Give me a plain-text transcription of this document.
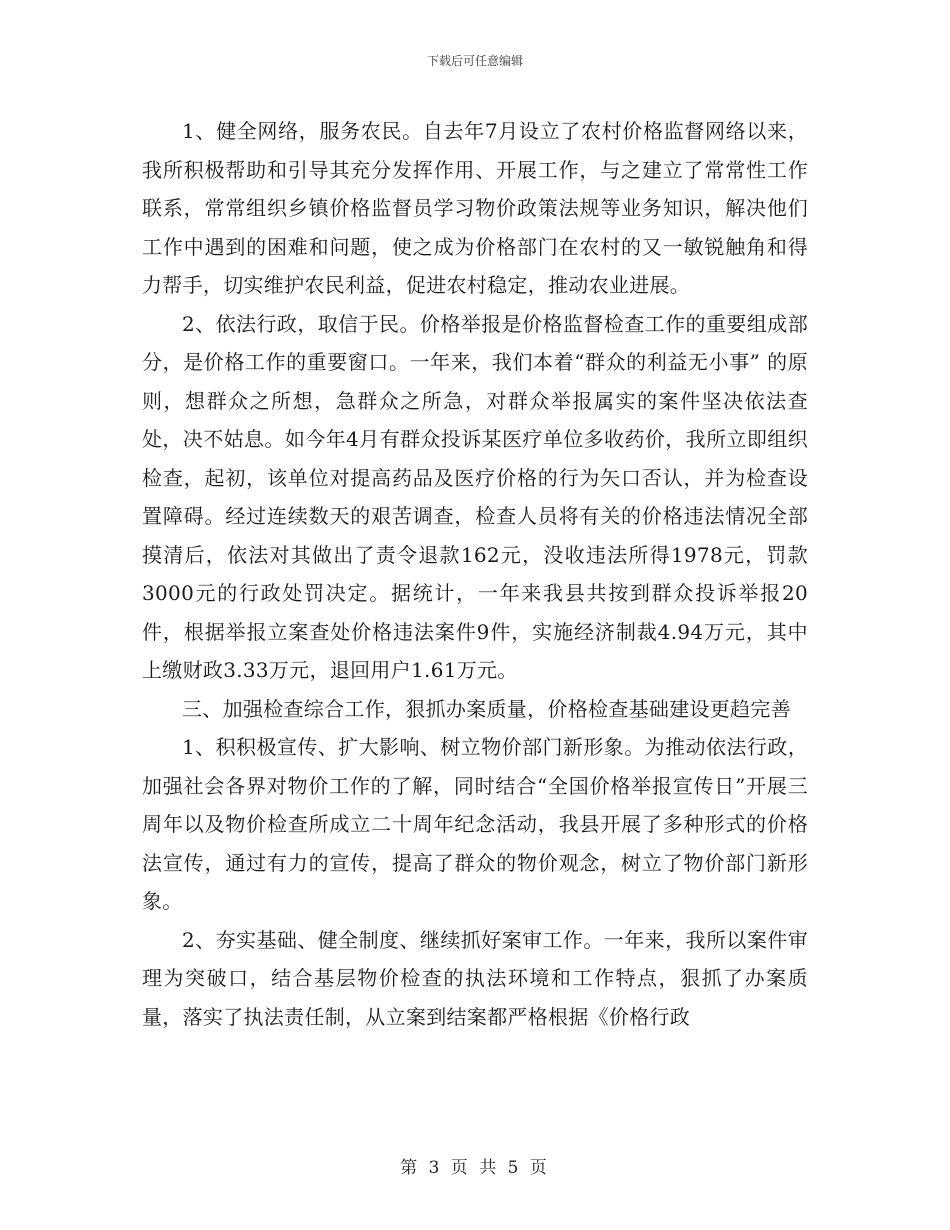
下载后可任意编辑

1、健全网络，服务农民。自去年7月设立了农村价格监督网络以来，我所积极帮助和引导其充分发挥作用、开展工作，与之建立了常常性工作联系，常常组织乡镇价格监督员学习物价政策法规等业务知识，解决他们工作中遇到的困难和问题，使之成为价格部门在农村的又一敏锐触角和得力帮手，切实维护农民利益，促进农村稳定，推动农业进展。

2、依法行政，取信于民。价格举报是价格监督检查工作的重要组成部分，是价格工作的重要窗口。一年来，我们本着“群众的利益无小事” 的原则，想群众之所想，急群众之所急，对群众举报属实的案件坚决依法查处，决不姑息。如今年4月有群众投诉某医疗单位多收药价，我所立即组织检查，起初，该单位对提高药品及医疗价格的行为矢口否认，并为检查设置障碍。经过连续数天的艰苦调查，检查人员将有关的价格违法情况全部摸清后，依法对其做出了责令退款162元，没收违法所得1978元，罚款3000元的行政处罚决定。据统计，一年来我县共按到群众投诉举报20件，根据举报立案查处价格违法案件9件，实施经济制裁4.94万元，其中上缴财政3.33万元，退回用户1.61万元。

三、加强检查综合工作，狠抓办案质量，价格检查基础建设更趋完善

1、积积极宣传、扩大影响、树立物价部门新形象。为推动依法行政，加强社会各界对物价工作的了解，同时结合“全国价格举报宣传日”开展三周年以及物价检查所成立二十周年纪念活动，我县开展了多种形式的价格法宣传，通过有力的宣传，提高了群众的物价观念，树立了物价部门新形象。

2、夯实基础、健全制度、继续抓好案审工作。一年来，我所以案件审理为突破口，结合基层物价检查的执法环境和工作特点，狠抓了办案质量，落实了执法责任制，从立案到结案都严格根据《价格行政

第 3 页 共 5 页
